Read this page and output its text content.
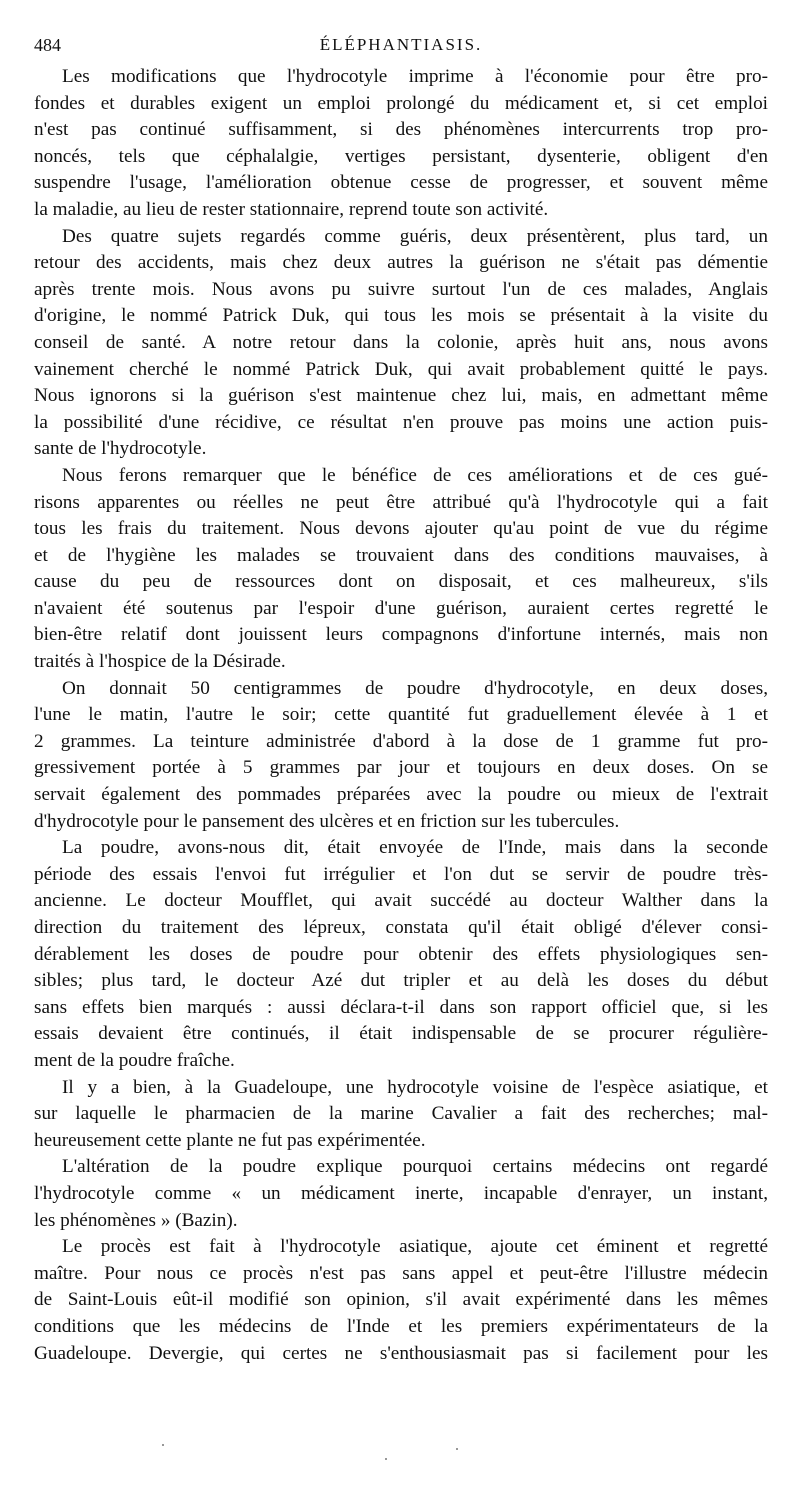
484	ÉLÉPHANTIASIS.

Les modifications que l'hydrocotyle imprime à l'économie pour être pro-
fondes et durables exigent un emploi prolongé du médicament et, si cet emploi
n'est pas continué suffisamment, si des phénomènes intercurrents trop pro-
noncés, tels que céphalalgie, vertiges persistant, dysenterie, obligent d'en
suspendre l'usage, l'amélioration obtenue cesse de progresser, et souvent même
la maladie, au lieu de rester stationnaire, reprend toute son activité.

Des quatre sujets regardés comme guéris, deux présentèrent, plus tard, un
retour des accidents, mais chez deux autres la guérison ne s'était pas démentie
après trente mois. Nous avons pu suivre surtout l'un de ces malades, Anglais
d'origine, le nommé Patrick Duk, qui tous les mois se présentait à la visite du
conseil de santé. A notre retour dans la colonie, après huit ans, nous avons
vainement cherché le nommé Patrick Duk, qui avait probablement quitté le pays.
Nous ignorons si la guérison s'est maintenue chez lui, mais, en admettant même
la possibilité d'une récidive, ce résultat n'en prouve pas moins une action puis-
sante de l'hydrocotyle.

Nous ferons remarquer que le bénéfice de ces améliorations et de ces gué-
risons apparentes ou réelles ne peut être attribué qu'à l'hydrocotyle qui a fait
tous les frais du traitement. Nous devons ajouter qu'au point de vue du régime
et de l'hygiène les malades se trouvaient dans des conditions mauvaises, à
cause du peu de ressources dont on disposait, et ces malheureux, s'ils
n'avaient été soutenus par l'espoir d'une guérison, auraient certes regretté le
bien-être relatif dont jouissent leurs compagnons d'infortune internés, mais non
traités à l'hospice de la Désirade.

On donnait 50 centigrammes de poudre d'hydrocotyle, en deux doses,
l'une le matin, l'autre le soir; cette quantité fut graduellement élevée à 1 et
2 grammes. La teinture administrée d'abord à la dose de 1 gramme fut pro-
gressivement portée à 5 grammes par jour et toujours en deux doses. On se
servait également des pommades préparées avec la poudre ou mieux de l'extrait
d'hydrocotyle pour le pansement des ulcères et en friction sur les tubercules.

La poudre, avons-nous dit, était envoyée de l'Inde, mais dans la seconde
période des essais l'envoi fut irrégulier et l'on dut se servir de poudre très-
ancienne. Le docteur Moufflet, qui avait succédé au docteur Walther dans la
direction du traitement des lépreux, constata qu'il était obligé d'élever consi-
dérablement les doses de poudre pour obtenir des effets physiologiques sen-
sibles; plus tard, le docteur Azé dut tripler et au delà les doses du début
sans effets bien marqués : aussi déclara-t-il dans son rapport officiel que, si les
essais devaient être continués, il était indispensable de se procurer régulière-
ment de la poudre fraîche.

Il y a bien, à la Guadeloupe, une hydrocotyle voisine de l'espèce asiatique, et
sur laquelle le pharmacien de la marine Cavalier a fait des recherches; mal-
heureusement cette plante ne fut pas expérimentée.

L'altération de la poudre explique pourquoi certains médecins ont regardé
l'hydrocotyle comme « un médicament inerte, incapable d'enrayer, un instant,
les phénomènes » (Bazin).

Le procès est fait à l'hydrocotyle asiatique, ajoute cet éminent et regretté
maître. Pour nous ce procès n'est pas sans appel et peut-être l'illustre médecin
de Saint-Louis eût-il modifié son opinion, s'il avait expérimenté dans les mêmes
conditions que les médecins de l'Inde et les premiers expérimentateurs de la
Guadeloupe. Devergie, qui certes ne s'enthousiasmait pas si facilement pour les
